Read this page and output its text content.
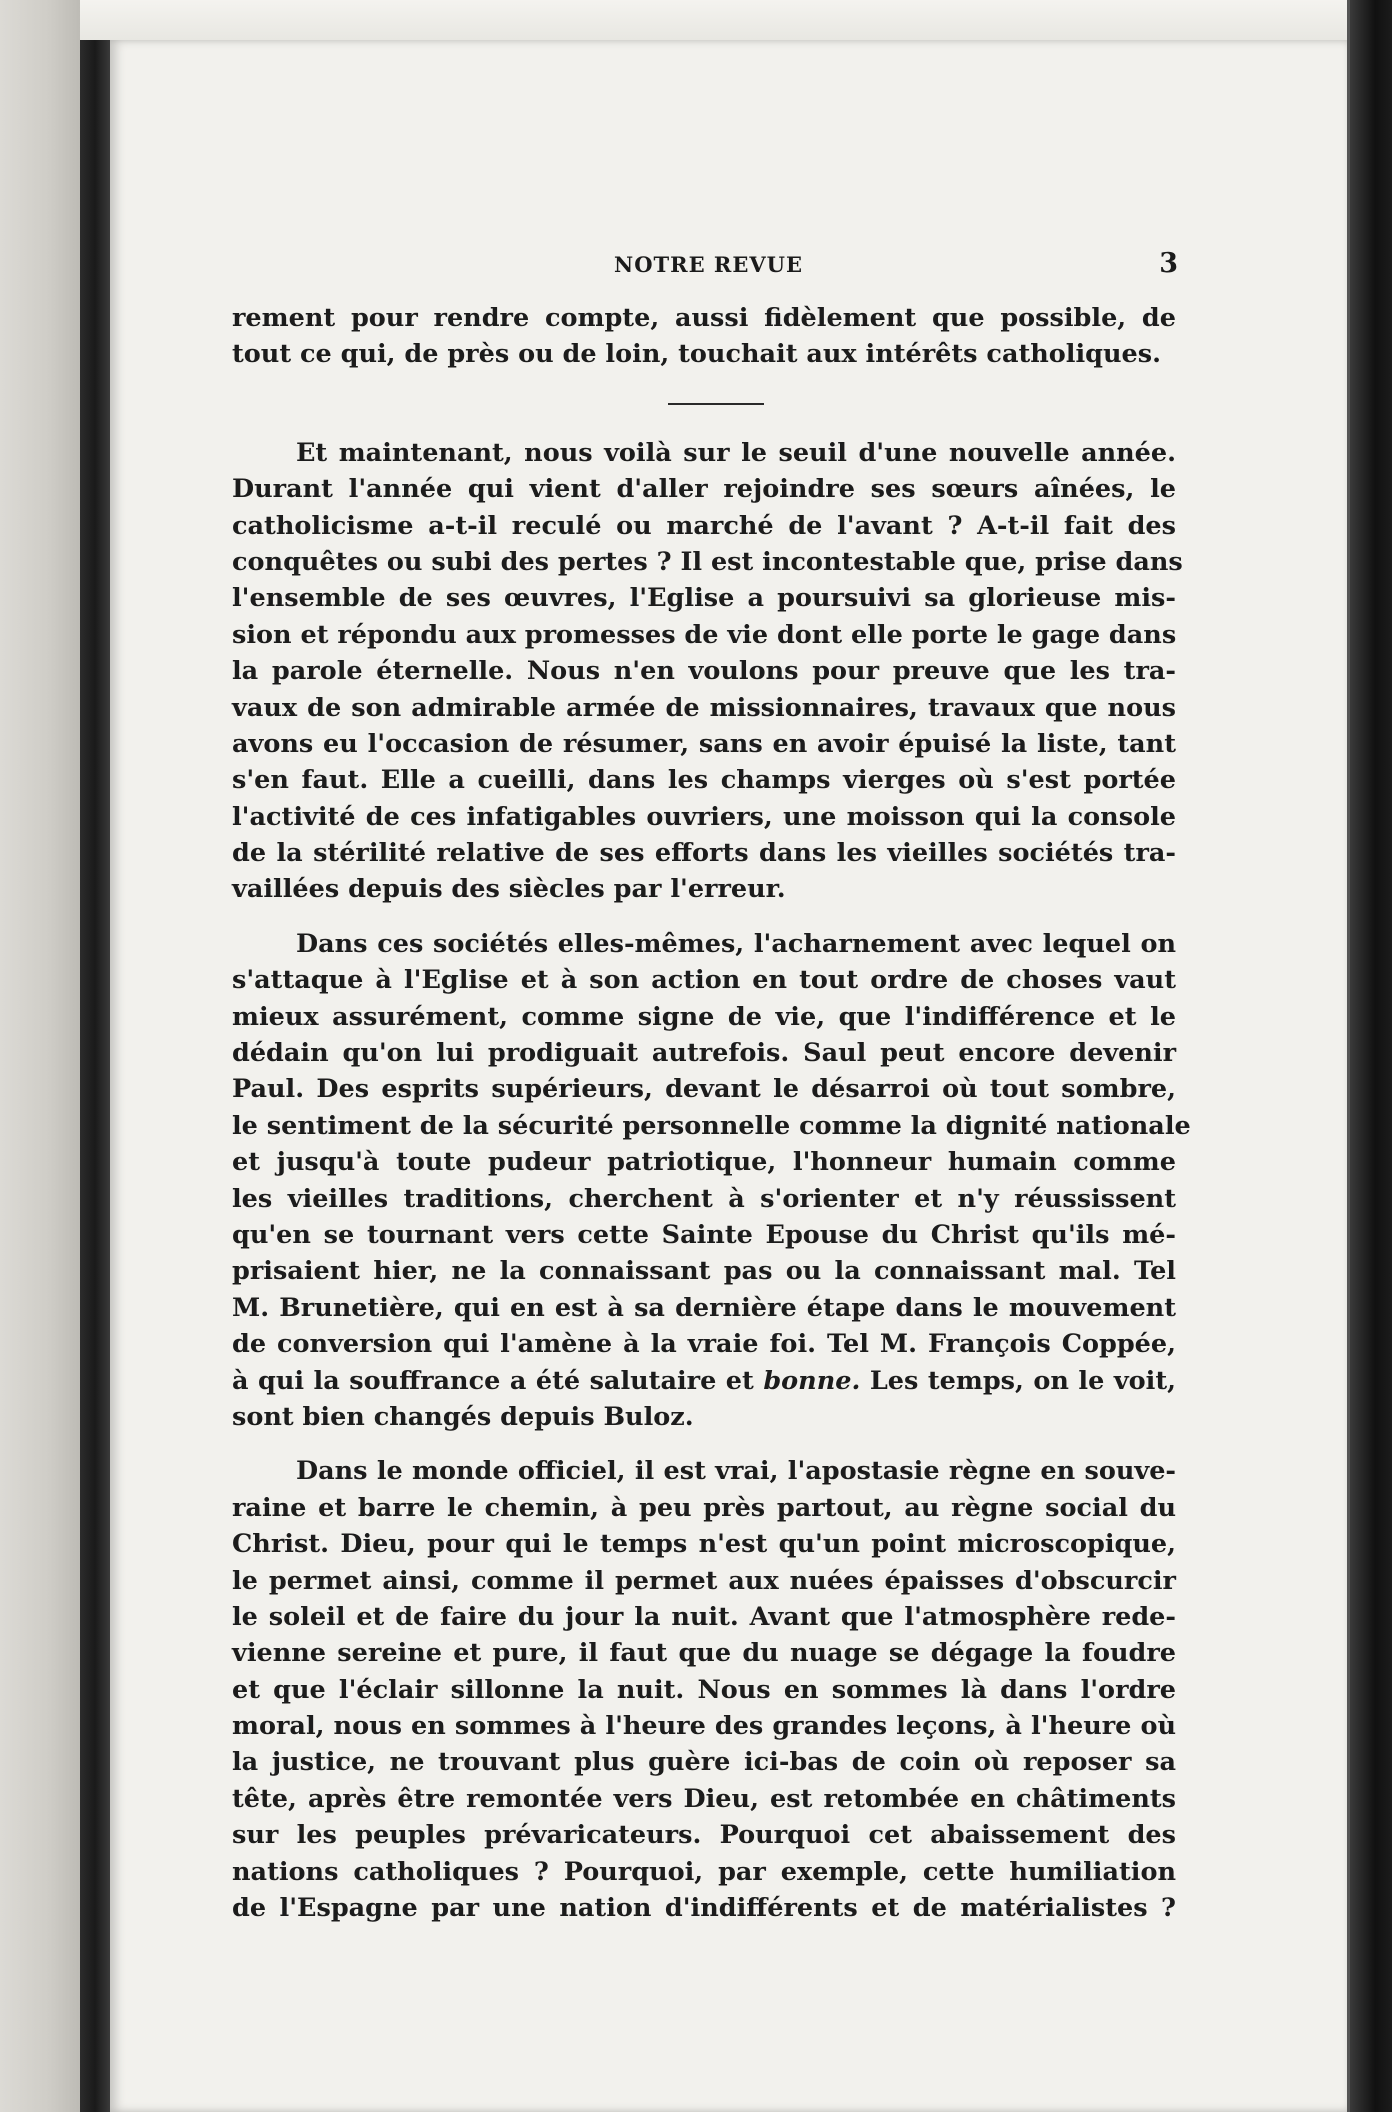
NOTRE REVUE	3
rement pour rendre compte, aussi fidèlement que possible, de
tout ce qui, de près ou de loin, touchait aux intérêts catholiques.
Et maintenant, nous voilà sur le seuil d'une nouvelle année.
Durant l'année qui vient d'aller rejoindre ses sœurs aînées, le
catholicisme a-t-il reculé ou marché de l'avant ? A-t-il fait des
conquêtes ou subi des pertes ? Il est incontestable que, prise dans
l'ensemble de ses œuvres, l'Eglise a poursuivi sa glorieuse mis-
sion et répondu aux promesses de vie dont elle porte le gage dans
la parole éternelle. Nous n'en voulons pour preuve que les tra-
vaux de son admirable armée de missionnaires, travaux que nous
avons eu l'occasion de résumer, sans en avoir épuisé la liste, tant
s'en faut. Elle a cueilli, dans les champs vierges où s'est portée
l'activité de ces infatigables ouvriers, une moisson qui la console
de la stérilité relative de ses efforts dans les vieilles sociétés tra-
vaillées depuis des siècles par l'erreur.
Dans ces sociétés elles-mêmes, l'acharnement avec lequel on
s'attaque à l'Eglise et à son action en tout ordre de choses vaut
mieux assurément, comme signe de vie, que l'indifférence et le
dédain qu'on lui prodiguait autrefois. Saul peut encore devenir
Paul. Des esprits supérieurs, devant le désarroi où tout sombre,
le sentiment de la sécurité personnelle comme la dignité nationale
et jusqu'à toute pudeur patriotique, l'honneur humain comme
les vieilles traditions, cherchent à s'orienter et n'y réussissent
qu'en se tournant vers cette Sainte Epouse du Christ qu'ils mé-
prisaient hier, ne la connaissant pas ou la connaissant mal. Tel
M. Brunetière, qui en est à sa dernière étape dans le mouvement
de conversion qui l'amène à la vraie foi. Tel M. François Coppée,
à qui la souffrance a été salutaire et bonne. Les temps, on le voit,
sont bien changés depuis Buloz.
Dans le monde officiel, il est vrai, l'apostasie règne en souve-
raine et barre le chemin, à peu près partout, au règne social du
Christ. Dieu, pour qui le temps n'est qu'un point microscopique,
le permet ainsi, comme il permet aux nuées épaisses d'obscurcir
le soleil et de faire du jour la nuit. Avant que l'atmosphère rede-
vienne sereine et pure, il faut que du nuage se dégage la foudre
et que l'éclair sillonne la nuit. Nous en sommes là dans l'ordre
moral, nous en sommes à l'heure des grandes leçons, à l'heure où
la justice, ne trouvant plus guère ici-bas de coin où reposer sa
tête, après être remontée vers Dieu, est retombée en châtiments
sur les peuples prévaricateurs. Pourquoi cet abaissement des
nations catholiques ? Pourquoi, par exemple, cette humiliation
de l'Espagne par une nation d'indifférents et de matérialistes ?
